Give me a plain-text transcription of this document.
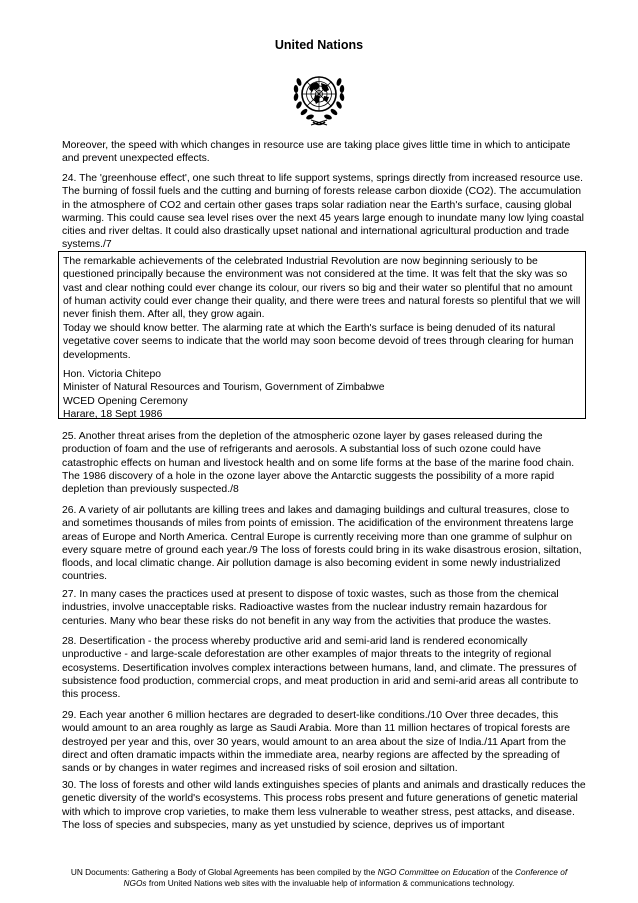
United Nations

Moreover, the speed with which changes in resource use are taking place gives little time in which to anticipate and prevent unexpected effects.

24. The 'greenhouse effect', one such threat to life support systems, springs directly from increased resource use. The burning of fossil fuels and the cutting and burning of forests release carbon dioxide (CO2). The accumulation in the atmosphere of CO2 and certain other gases traps solar radiation near the Earth's surface, causing global warming. This could cause sea level rises over the next 45 years large enough to inundate many low lying coastal cities and river deltas. It could also drastically upset national and international agricultural production and trade systems./7

The remarkable achievements of the celebrated Industrial Revolution are now beginning seriously to be questioned principally because the environment was not considered at the time. It was felt that the sky was so vast and clear nothing could ever change its colour, our rivers so big and their water so plentiful that no amount of human activity could ever change their quality, and there were trees and natural forests so plentiful that we will never finish them. After all, they grow again.

Today we should know better. The alarming rate at which the Earth's surface is being denuded of its natural vegetative cover seems to indicate that the world may soon become devoid of trees through clearing for human developments.

Hon. Victoria Chitepo
Minister of Natural Resources and Tourism, Government of Zimbabwe
WCED Opening Ceremony
Harare, 18 Sept 1986

25. Another threat arises from the depletion of the atmospheric ozone layer by gases released during the production of foam and the use of refrigerants and aerosols. A substantial loss of such ozone could have catastrophic effects on human and livestock health and on some life forms at the base of the marine food chain. The 1986 discovery of a hole in the ozone layer above the Antarctic suggests the possibility of a more rapid depletion than previously suspected./8

26. A variety of air pollutants are killing trees and lakes and damaging buildings and cultural treasures, close to and sometimes thousands of miles from points of emission. The acidification of the environment threatens large areas of Europe and North America. Central Europe is currently receiving more than one gramme of sulphur on every square metre of ground each year./9 The loss of forests could bring in its wake disastrous erosion, siltation, floods, and local climatic change. Air pollution damage is also becoming evident in some newly industrialized countries.

27. In many cases the practices used at present to dispose of toxic wastes, such as those from the chemical industries, involve unacceptable risks. Radioactive wastes from the nuclear industry remain hazardous for centuries. Many who bear these risks do not benefit in any way from the activities that produce the wastes.

28. Desertification - the process whereby productive arid and semi-arid land is rendered economically unproductive - and large-scale deforestation are other examples of major threats to the integrity of regional ecosystems. Desertification involves complex interactions between humans, land, and climate. The pressures of subsistence food production, commercial crops, and meat production in arid and semi-arid areas all contribute to this process.

29. Each year another 6 million hectares are degraded to desert-like conditions./10 Over three decades, this would amount to an area roughly as large as Saudi Arabia. More than 11 million hectares of tropical forests are destroyed per year and this, over 30 years, would amount to an area about the size of India./11 Apart from the direct and often dramatic impacts within the immediate area, nearby regions are affected by the spreading of sands or by changes in water regimes and increased risks of soil erosion and siltation.

30. The loss of forests and other wild lands extinguishes species of plants and animals and drastically reduces the genetic diversity of the world's ecosystems. This process robs present and future generations of genetic material with which to improve crop varieties, to make them less vulnerable to weather stress, pest attacks, and disease. The loss of species and subspecies, many as yet unstudied by science, deprives us of important

UN Documents: Gathering a Body of Global Agreements has been compiled by the NGO Committee on Education of the Conference of NGOs from United Nations web sites with the invaluable help of information & communications technology.
